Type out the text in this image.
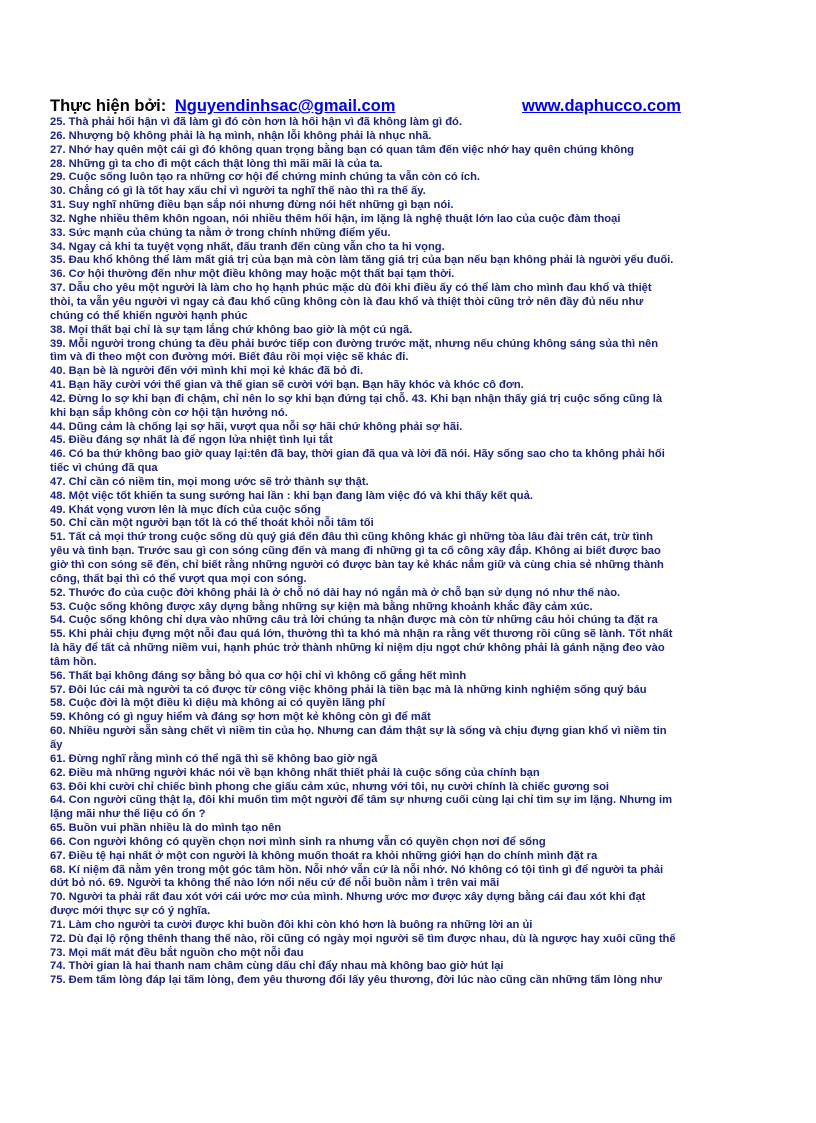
Thực hiện bởi: Nguyendinhsac@gmail.com	www.daphucco.com

25. Thà phải hối hận vì đã làm gì đó còn hơn là hối hận vì đã không làm gì đó.

26. Nhượng bộ không phải là hạ mình, nhận lỗi không phải là nhục nhã.

27. Nhớ hay quên một cái gì đó không quan trọng bằng bạn có quan tâm đến việc nhớ hay quên chúng không

28. Những gì ta cho đi một cách thật lòng thì mãi mãi là của ta.

29. Cuộc sống luôn tạo ra những cơ hội để chứng minh chúng ta vẫn còn có ích.

30. Chẳng có gì là tốt hay xấu chỉ vì người ta nghĩ thế nào thì ra thế ấy.

31. Suy nghĩ những điều bạn sắp nói nhưng đừng nói hết những gì bạn nói.

32. Nghe nhiều thêm khôn ngoan, nói nhiều thêm hối hận, im lặng là nghệ thuật lớn lao của cuộc đàm thoại

33. Sức mạnh của chúng ta nằm ở trong chính những điểm yếu.

34. Ngay cả khi ta tuyệt vọng nhất, đấu tranh đến cùng vẫn cho ta hi vọng.

35. Đau khổ không thể làm mất giá trị của bạn mà còn làm tăng giá trị của bạn nếu bạn không phải là người yếu đuối.

36. Cơ hội thường đến như một điều không may hoặc một thất bại tạm thời.

37. Dẫu cho yêu một người là làm cho họ hạnh phúc mặc dù đôi khi điều ấy có thể làm cho mình đau khổ và thiệt

thòi, ta vẫn yêu người vì ngay cả đau khổ cũng không còn là đau khổ và thiệt thòi cũng trở nên đầy đủ nếu như

chúng có thể khiến người hạnh phúc

38. Mọi thất bại chỉ là sự tạm lắng chứ không bao giờ là một cú ngã.

39. Mỗi người trong chúng ta đều phải bước tiếp con đường trước mặt, nhưng nếu chúng không sáng sủa thì nên

tìm và đi theo một con đường mới. Biết đâu rồi mọi việc sẽ khác đi.

40. Bạn bè là người đến với mình khi mọi kẻ khác đã bỏ đi.

41. Bạn hãy cười với thế gian và thế gian sẽ cười với bạn. Bạn hãy khóc và khóc cô đơn.

42. Đừng lo sợ khi bạn đi chậm, chỉ nên lo sợ khi bạn đứng tại chỗ. 43. Khi bạn nhận thấy giá trị cuộc sống cũng là

khi bạn sắp không còn cơ hội tận hưởng nó.

44. Dũng cảm là chống lại sợ hãi, vượt qua nỗi sợ hãi chứ không phải sợ hãi.

45. Điều đáng sợ nhất là để ngọn lửa nhiệt tình lụi tắt

46. Có ba thứ không bao giờ quay lại:tên đã bay, thời gian đã qua và lời đã nói. Hãy sống sao cho ta không phải hối

tiếc vì chúng đã qua

47. Chỉ cần có niềm tin, mọi mong ước sẽ trở thành sự thật.

48. Một việc tốt khiến ta sung sướng hai lần : khi bạn đang làm việc đó và khi thấy kết quả.

49. Khát vọng vươn lên là mục đích của cuộc sống

50. Chỉ cần một người bạn tốt là có thể thoát khỏi nỗi tâm tối

51. Tất cả mọi thứ trong cuộc sống dù quý giá đến đâu thì cũng không khác gì những tòa lâu đài trên cát, trừ tình

yêu và tình bạn. Trước sau gì con sóng cũng đến và mang đi những gì ta cố công xây đắp. Không ai biết được bao

giờ thì con sóng sẽ đến, chỉ biết rằng những người có được bàn tay kẻ khác nắm giữ và cùng chia sẻ những thành

công, thất bại thì có thể vượt qua mọi con sóng.

52. Thước đo của cuộc đời không phải là ở chỗ nó dài hay nó ngắn mà ở chỗ bạn sử dụng nó như thế nào.

53. Cuộc sống không được xây dựng bằng những sự kiện mà bằng những khoảnh khắc đầy cảm xúc.

54. Cuộc sống không chỉ dựa vào những câu trả lời chúng ta nhận được mà còn từ những câu hỏi chúng ta đặt ra

55. Khi phải chịu đựng một nỗi đau quá lớn, thường thì ta khó mà nhận ra rằng vết thương rồi cũng sẽ lành. Tốt nhất

là hãy để tất cả những niềm vui, hạnh phúc trở thành những kỉ niệm dịu ngọt chứ không phải là gánh nặng đeo vào

tâm hồn.

56. Thất bại không đáng sợ bằng bỏ qua cơ hội chỉ vì không cố gắng hết mình

57. Đôi lúc cái mà người ta có được từ công việc không phải là tiền bạc mà là những kinh nghiệm sống quý báu

58. Cuộc đời là một điều kì diệu mà không ai có quyền lãng phí

59. Không có gì nguy hiểm và đáng sợ hơn một kẻ không còn gì để mất

60. Nhiều người sẵn sàng chết vì niềm tin của họ. Nhưng can đảm thật sự là sống và chịu đựng gian khổ vì niềm tin

ấy

61. Đừng nghĩ rằng mình có thể ngã thì sẽ không bao giờ ngã

62. Điều mà những người khác nói về bạn không nhất thiết phải là cuộc sống của chính bạn

63. Đôi khi cười chỉ chiếc bình phong che giấu cảm xúc, nhưng với tôi, nụ cười chính là chiếc gương soi

64. Con người cũng thật lạ, đôi khi muốn tìm một người để tâm sự nhưng cuối cùng lại chỉ tìm sự im lặng. Nhưng im

lặng mãi như thế liệu có ổn ?

65. Buồn vui phần nhiều là do mình tạo nên

66. Con người không có quyền chọn nơi mình sinh ra nhưng vẫn có quyền chọn nơi để sống

67. Điều tệ hại nhất ở một con người là không muốn thoát ra khỏi những giới hạn do chính mình đặt ra

68. Kí niệm đã nằm yên trong một góc tâm hồn. Nỗi nhớ vẫn cứ là nỗi nhớ. Nó không có tội tình gì để người ta phải

dứt bỏ nó. 69. Người ta không thể nào lớn nổi nếu cứ để nỗi buồn nằm ì trên vai mãi

70. Người ta phải rất đau xót với cái ước mơ của mình. Nhưng ước mơ được xây dựng bằng cái đau xót khi đạt

được mới thực sự có ý nghĩa.

71. Làm cho người ta cười được khi buồn đôi khi còn khó hơn là buông ra những lời an ủi

72. Dù đại lộ rộng thênh thang thế nào, rồi cũng có ngày mọi người sẽ tìm được nhau, dù là ngược hay xuôi cũng thế

73. Mọi mất mát đều bắt nguồn cho một nỗi đau

74. Thời gian là hai thanh nam châm cùng dấu chỉ đẩy nhau mà không bao giờ hút lại

75. Đem tấm lòng đáp lại tấm lòng, đem yêu thương đổi lấy yêu thương, đời lúc nào cũng cần những tấm lòng như
